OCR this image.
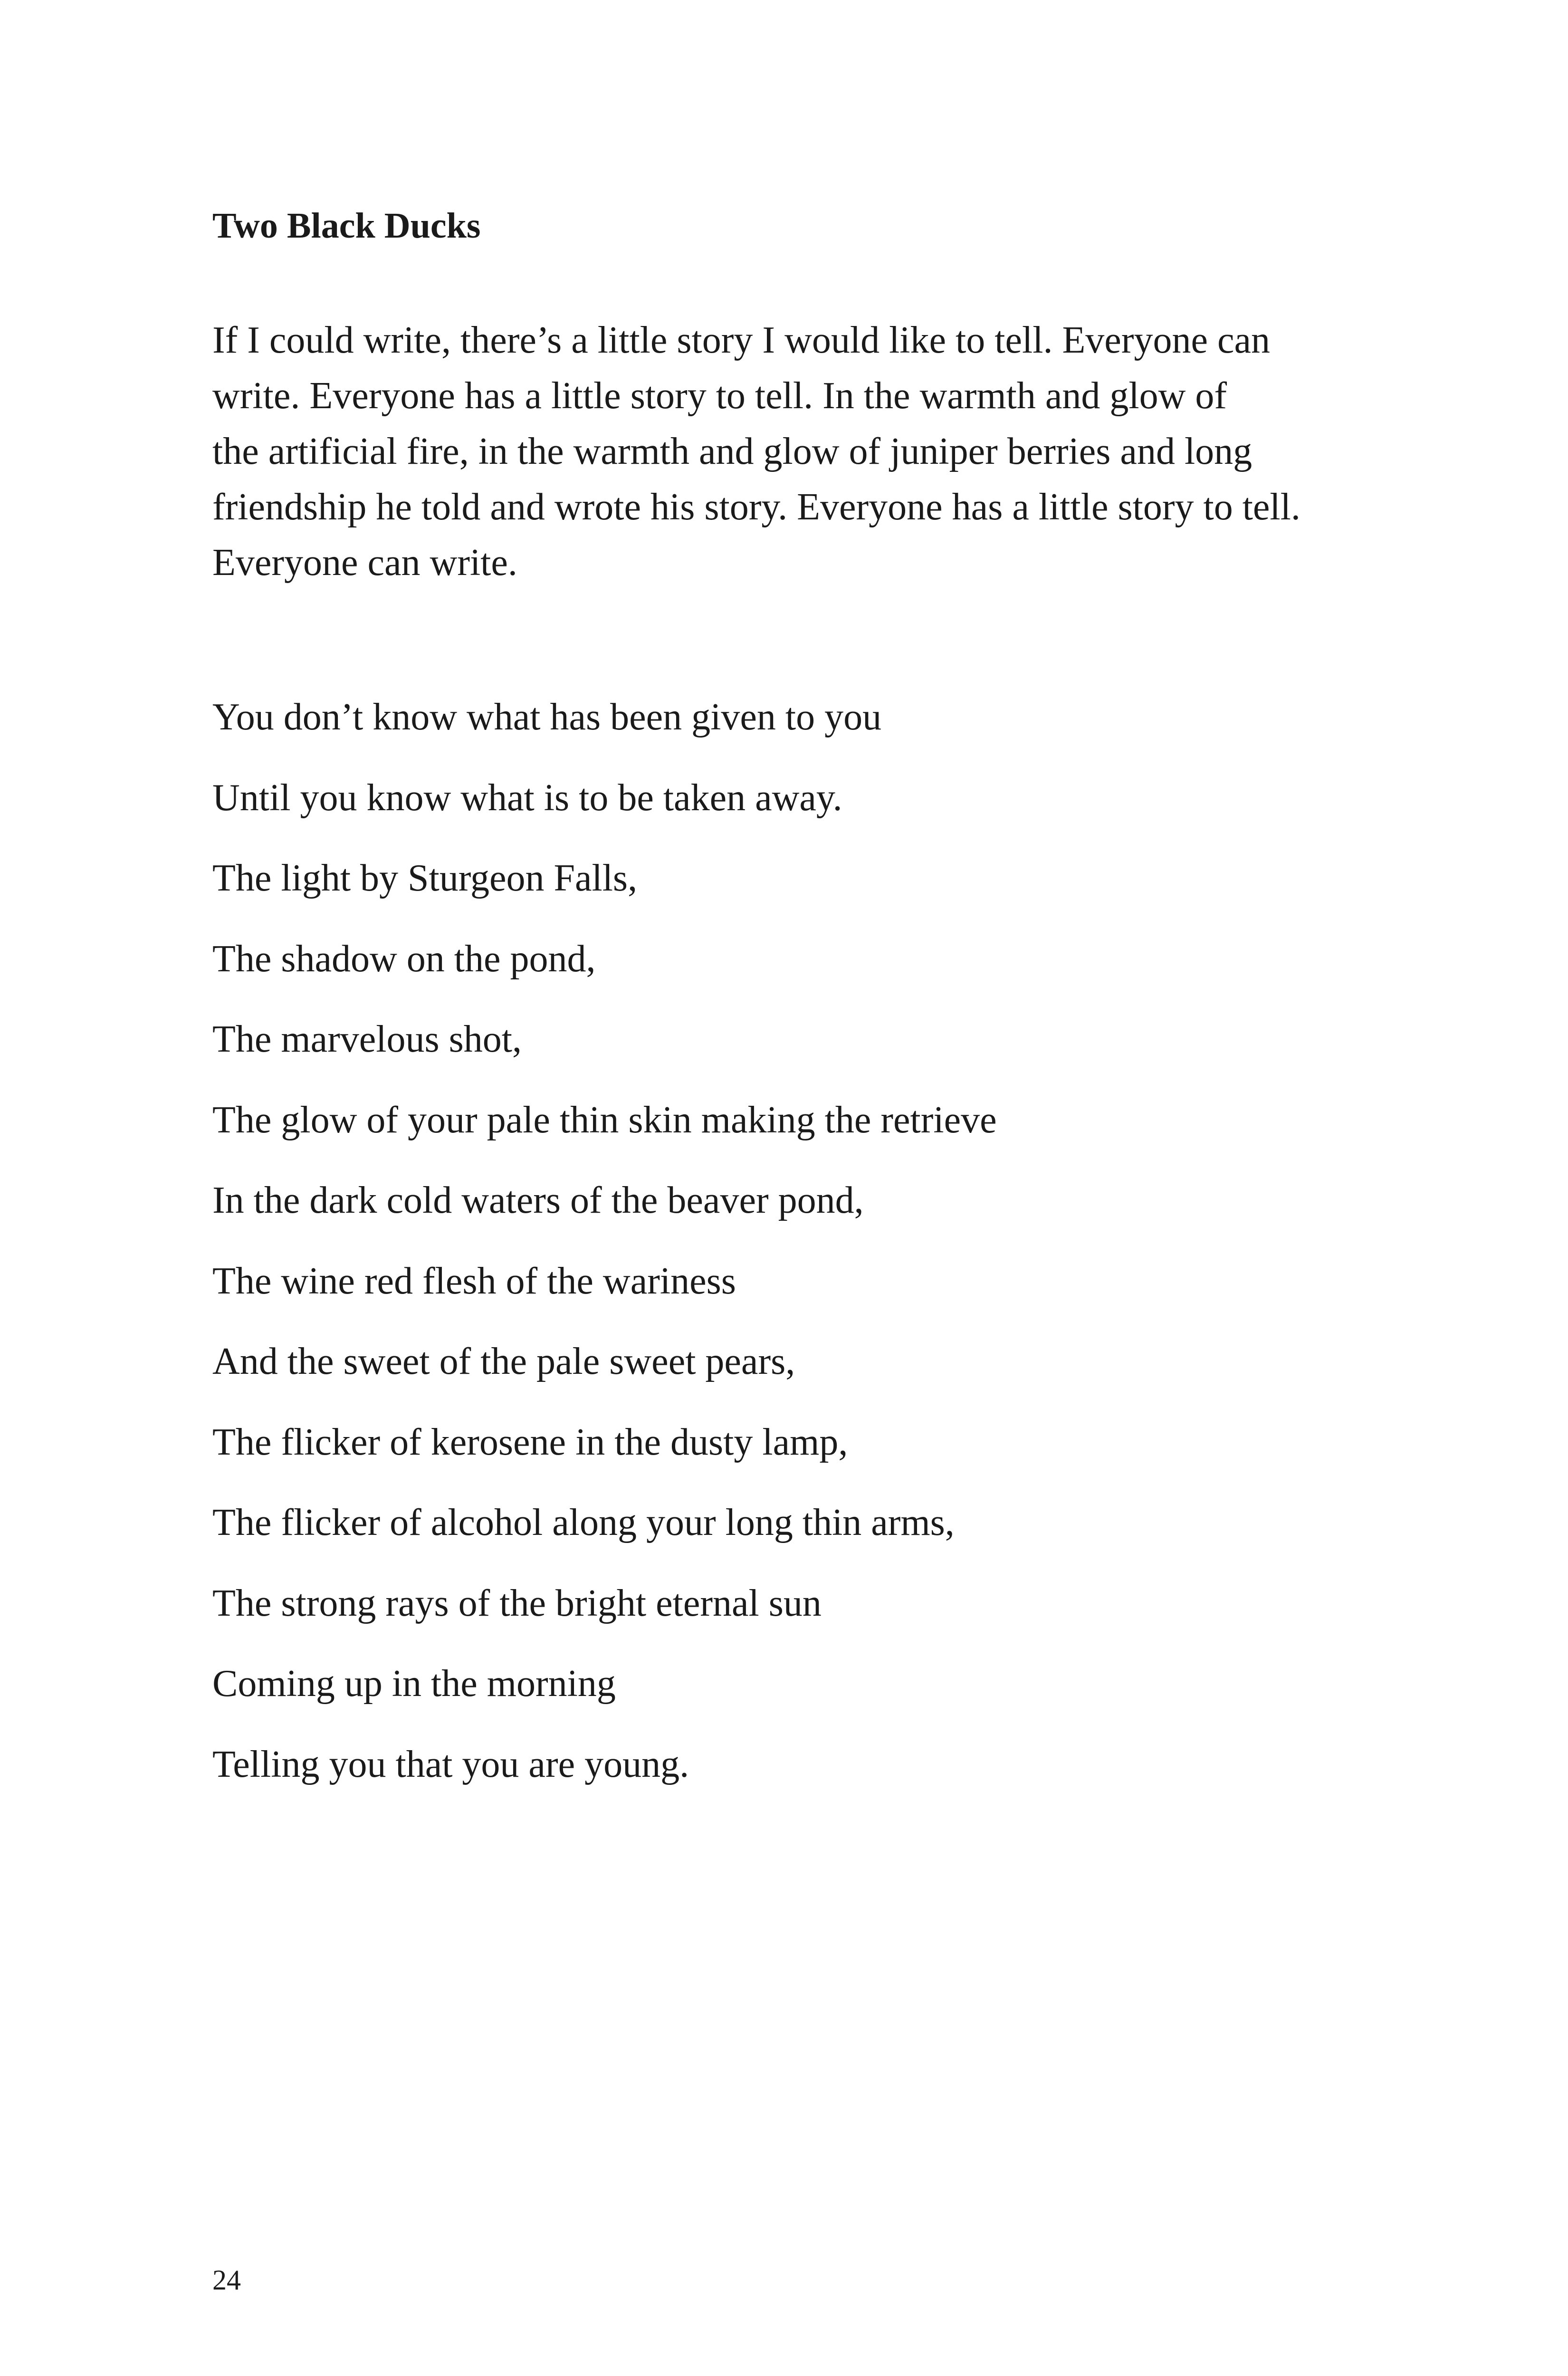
Two Black Ducks
If I could write, there’s a little story I would like to tell. Everyone can
write. Everyone has a little story to tell. In the warmth and glow of
the artificial fire, in the warmth and glow of juniper berries and long
friendship he told and wrote his story. Everyone has a little story to tell.
Everyone can write.
You don’t know what has been given to you
Until you know what is to be taken away.
The light by Sturgeon Falls,
The shadow on the pond,
The marvelous shot,
The glow of your pale thin skin making the retrieve
In the dark cold waters of the beaver pond,
The wine red flesh of the wariness
And the sweet of the pale sweet pears,
The flicker of kerosene in the dusty lamp,
The flicker of alcohol along your long thin arms,
The strong rays of the bright eternal sun
Coming up in the morning
Telling you that you are young.
24
